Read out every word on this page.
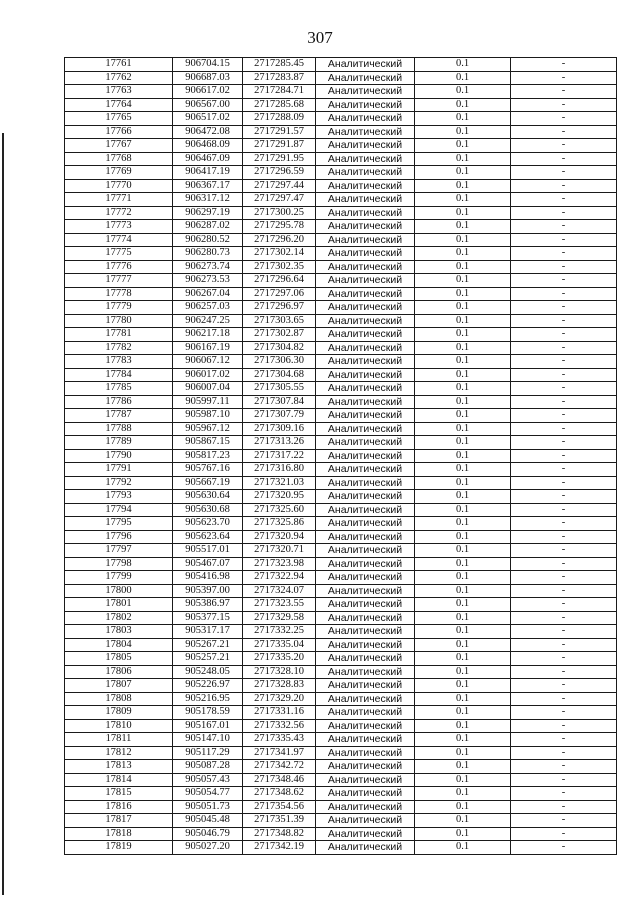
307
17761	906704.15	2717285.45	Аналитический	0.1	-
17762	906687.03	2717283.87	Аналитический	0.1	-
17763	906617.02	2717284.71	Аналитический	0.1	-
17764	906567.00	2717285.68	Аналитический	0.1	-
17765	906517.02	2717288.09	Аналитический	0.1	-
17766	906472.08	2717291.57	Аналитический	0.1	-
17767	906468.09	2717291.87	Аналитический	0.1	-
17768	906467.09	2717291.95	Аналитический	0.1	-
17769	906417.19	2717296.59	Аналитический	0.1	-
17770	906367.17	2717297.44	Аналитический	0.1	-
17771	906317.12	2717297.47	Аналитический	0.1	-
17772	906297.19	2717300.25	Аналитический	0.1	-
17773	906287.02	2717295.78	Аналитический	0.1	-
17774	906280.52	2717296.20	Аналитический	0.1	-
17775	906280.73	2717302.14	Аналитический	0.1	-
17776	906273.74	2717302.35	Аналитический	0.1	-
17777	906273.53	2717296.64	Аналитический	0.1	-
17778	906267.04	2717297.06	Аналитический	0.1	-
17779	906257.03	2717296.97	Аналитический	0.1	-
17780	906247.25	2717303.65	Аналитический	0.1	-
17781	906217.18	2717302.87	Аналитический	0.1	-
17782	906167.19	2717304.82	Аналитический	0.1	-
17783	906067.12	2717306.30	Аналитический	0.1	-
17784	906017.02	2717304.68	Аналитический	0.1	-
17785	906007.04	2717305.55	Аналитический	0.1	-
17786	905997.11	2717307.84	Аналитический	0.1	-
17787	905987.10	2717307.79	Аналитический	0.1	-
17788	905967.12	2717309.16	Аналитический	0.1	-
17789	905867.15	2717313.26	Аналитический	0.1	-
17790	905817.23	2717317.22	Аналитический	0.1	-
17791	905767.16	2717316.80	Аналитический	0.1	-
17792	905667.19	2717321.03	Аналитический	0.1	-
17793	905630.64	2717320.95	Аналитический	0.1	-
17794	905630.68	2717325.60	Аналитический	0.1	-
17795	905623.70	2717325.86	Аналитический	0.1	-
17796	905623.64	2717320.94	Аналитический	0.1	-
17797	905517.01	2717320.71	Аналитический	0.1	-
17798	905467.07	2717323.98	Аналитический	0.1	-
17799	905416.98	2717322.94	Аналитический	0.1	-
17800	905397.00	2717324.07	Аналитический	0.1	-
17801	905386.97	2717323.55	Аналитический	0.1	-
17802	905377.15	2717329.58	Аналитический	0.1	-
17803	905317.17	2717332.25	Аналитический	0.1	-
17804	905267.21	2717335.04	Аналитический	0.1	-
17805	905257.21	2717335.20	Аналитический	0.1	-
17806	905248.05	2717328.10	Аналитический	0.1	-
17807	905226.97	2717328.83	Аналитический	0.1	-
17808	905216.95	2717329.20	Аналитический	0.1	-
17809	905178.59	2717331.16	Аналитический	0.1	-
17810	905167.01	2717332.56	Аналитический	0.1	-
17811	905147.10	2717335.43	Аналитический	0.1	-
17812	905117.29	2717341.97	Аналитический	0.1	-
17813	905087.28	2717342.72	Аналитический	0.1	-
17814	905057.43	2717348.46	Аналитический	0.1	-
17815	905054.77	2717348.62	Аналитический	0.1	-
17816	905051.73	2717354.56	Аналитический	0.1	-
17817	905045.48	2717351.39	Аналитический	0.1	-
17818	905046.79	2717348.82	Аналитический	0.1	-
17819	905027.20	2717342.19	Аналитический	0.1	-
